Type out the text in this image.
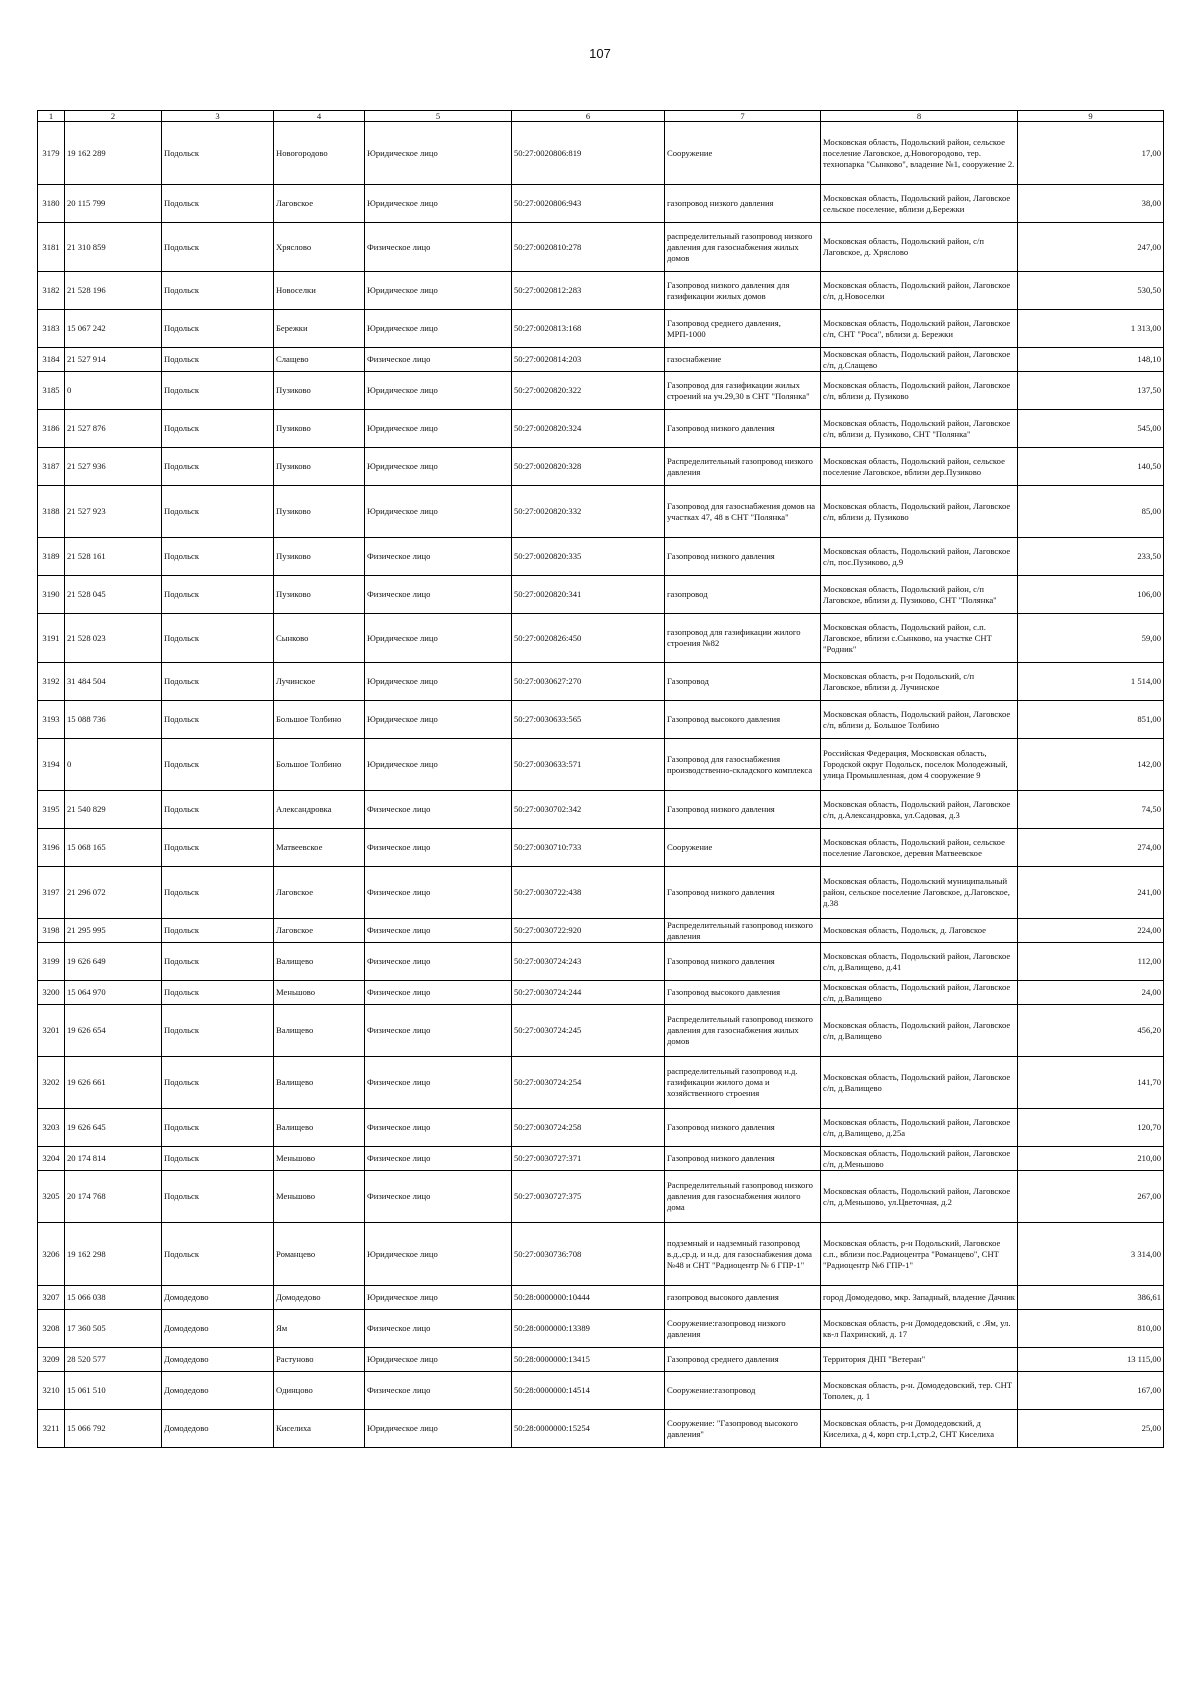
107
1	2	3	4	5	6	7	8	9
3179	19 162 289	Подольск	Новогородово	Юридическое лицо	50:27:0020806:819	Сооружение	Московская область, Подольский район, сельское поселение Лаговское, д.Новогородово, тер. технопарка "Сынково", владение №1, сооружение 2.	17,00
3180	20 115 799	Подольск	Лаговское	Юридическое лицо	50:27:0020806:943	газопровод низкого давления	Московская область, Подольский район, Лаговское сельское поселение, вблизи д.Бережки	38,00
3181	21 310 859	Подольск	Хряслово	Физическое лицо	50:27:0020810:278	распределительный газопровод низкого давления для газоснабжения жилых домов	Московская область, Подольский район, с/п Лаговское, д. Хряслово	247,00
3182	21 528 196	Подольск	Новоселки	Юридическое лицо	50:27:0020812:283	Газопровод низкого давления для газификации жилых домов	Московская область, Подольский район, Лаговское с/п, д.Новоселки	530,50
3183	15 067 242	Подольск	Бережки	Юридическое лицо	50:27:0020813:168	Газопровод среднего давления, МРП-1000	Московская область, Подольский район, Лаговское с/п, СНТ "Роса", вблизи д. Бережки	1 313,00
3184	21 527 914	Подольск	Слащево	Физическое лицо	50:27:0020814:203	газоснабжение	Московская область, Подольский район, Лаговское с/п, д.Слащево	148,10
3185	0	Подольск	Пузиково	Юридическое лицо	50:27:0020820:322	Газопровод для газификации жилых строений на уч.29,30 в СНТ "Полянка"	Московская область, Подольский район, Лаговское с/п, вблизи д. Пузиково	137,50
3186	21 527 876	Подольск	Пузиково	Юридическое лицо	50:27:0020820:324	Газопровод низкого давления	Московская область, Подольский район, Лаговское с/п, вблизи д. Пузиково, СНТ "Полянка"	545,00
3187	21 527 936	Подольск	Пузиково	Юридическое лицо	50:27:0020820:328	Распределительный газопровод низкого давления	Московская область, Подольский район, сельское поселение Лаговское, вблизи дер.Пузиково	140,50
3188	21 527 923	Подольск	Пузиково	Юридическое лицо	50:27:0020820:332	Газопровод для газоснабжения домов на участках 47, 48 в СНТ "Полянка"	Московская область, Подольский район, Лаговское с/п, вблизи д. Пузиково	85,00
3189	21 528 161	Подольск	Пузиково	Физическое лицо	50:27:0020820:335	Газопровод низкого давления	Московская область, Подольский район, Лаговское с/п, пос.Пузиково, д.9	233,50
3190	21 528 045	Подольск	Пузиково	Физическое лицо	50:27:0020820:341	газопровод	Московская область, Подольский район, с/п Лаговское, вблизи д. Пузиково, СНТ "Полянка"	106,00
3191	21 528 023	Подольск	Сынково	Юридическое лицо	50:27:0020826:450	газопровод для газификации жилого строения №82	Московская область, Подольский район, с.п. Лаговское, вблизи с.Сынково, на участке СНТ "Родник"	59,00
3192	31 484 504	Подольск	Лучинское	Юридическое лицо	50:27:0030627:270	Газопровод	Московская область, р-н Подольский, с/п Лаговское, вблизи д. Лучинское	1 514,00
3193	15 088 736	Подольск	Большое Толбино	Юридическое лицо	50:27:0030633:565	Газопровод высокого давления	Московская область, Подольский район, Лаговское с/п, вблизи д. Большое Толбино	851,00
3194	0	Подольск	Большое Толбино	Юридическое лицо	50:27:0030633:571	Газопровод для газоснабжения производственно-складского комплекса	Российская Федерация, Московская область, Городской округ Подольск, поселок Молодежный, улица Промышленная, дом 4 сооружение 9	142,00
3195	21 540 829	Подольск	Александровка	Физическое лицо	50:27:0030702:342	Газопровод низкого давления	Московская область, Подольский район, Лаговское с/п, д.Александровка, ул.Садовая, д.3	74,50
3196	15 068 165	Подольск	Матвеевское	Физическое лицо	50:27:0030710:733	Сооружение	Московская область, Подольский район, сельское поселение Лаговское, деревня Матвеевское	274,00
3197	21 296 072	Подольск	Лаговское	Физическое лицо	50:27:0030722:438	Газопровод низкого давления	Московская область, Подольский муниципальный район, сельское поселение Лаговское, д.Лаговское, д.38	241,00
3198	21 295 995	Подольск	Лаговское	Физическое лицо	50:27:0030722:920	Распределительный газопровод низкого давления	Московская область, Подольск, д. Лаговское	224,00
3199	19 626 649	Подольск	Валищево	Физическое лицо	50:27:0030724:243	Газопровод низкого давления	Московская область, Подольский район, Лаговское с/п, д.Валищево, д.41	112,00
3200	15 064 970	Подольск	Меньшово	Физическое лицо	50:27:0030724:244	Газопровод высокого давления	Московская область, Подольский район, Лаговское с/п, д.Валищево	24,00
3201	19 626 654	Подольск	Валищево	Физическое лицо	50:27:0030724:245	Распределительный газопровод низкого давления для газоснабжения жилых домов	Московская область, Подольский район, Лаговское с/п, д.Валищево	456,20
3202	19 626 661	Подольск	Валищево	Физическое лицо	50:27:0030724:254	распределительный газопровод н.д. газификации жилого дома и хозяйственного строения	Московская область, Подольский район, Лаговское с/п, д.Валищево	141,70
3203	19 626 645	Подольск	Валищево	Физическое лицо	50:27:0030724:258	Газопровод низкого давления	Московская область, Подольский район, Лаговское с/п, д.Валищево, д.25а	120,70
3204	20 174 814	Подольск	Меньшово	Физическое лицо	50:27:0030727:371	Газопровод низкого давления	Московская область, Подольский район, Лаговское с/п, д.Меньшово	210,00
3205	20 174 768	Подольск	Меньшово	Физическое лицо	50:27:0030727:375	Распределительный газопровод низкого давления для газоснабжения жилого дома	Московская область, Подольский район, Лаговское с/п, д.Меньшово, ул.Цветочная, д.2	267,00
3206	19 162 298	Подольск	Романцево	Юридическое лицо	50:27:0030736:708	подземный и надземный газопровод в.д.,ср.д. и н.д. для газоснабжения дома №48 и СНТ "Радиоцентр № 6 ГПР-1"	Московская область, р-н Подольский, Лаговское с.п., вблизи пос.Радиоцентра "Романцево", СНТ "Радиоцентр №6 ГПР-1"	3 314,00
3207	15 066 038	Домодедово	Домодедово	Юридическое лицо	50:28:0000000:10444	газопровод высокого давления	город Домодедово, мкр. Западный, владение Дачник	386,61
3208	17 360 505	Домодедово	Ям	Физическое лицо	50:28:0000000:13389	Сооружение:газопровод низкого давления	Московская область, р-н Домодедовский, с .Ям, ул. кв-л Пахринский, д. 17	810,00
3209	28 520 577	Домодедово	Растуново	Юридическое лицо	50:28:0000000:13415	Газопровод среднего давления	Территория ДНП "Ветеран"	13 115,00
3210	15 061 510	Домодедово	Одинцово	Физическое лицо	50:28:0000000:14514	Сооружение:газопровод	Московская область, р-н. Домодедовский, тер. СНТ Тополек, д. 1	167,00
3211	15 066 792	Домодедово	Киселиха	Юридическое лицо	50:28:0000000:15254	Сооружение: "Газопровод высокого давления"	Московская область, р-н Домодедовский, д Киселиха, д 4, корп стр.1,стр.2, СНТ Киселиха	25,00
